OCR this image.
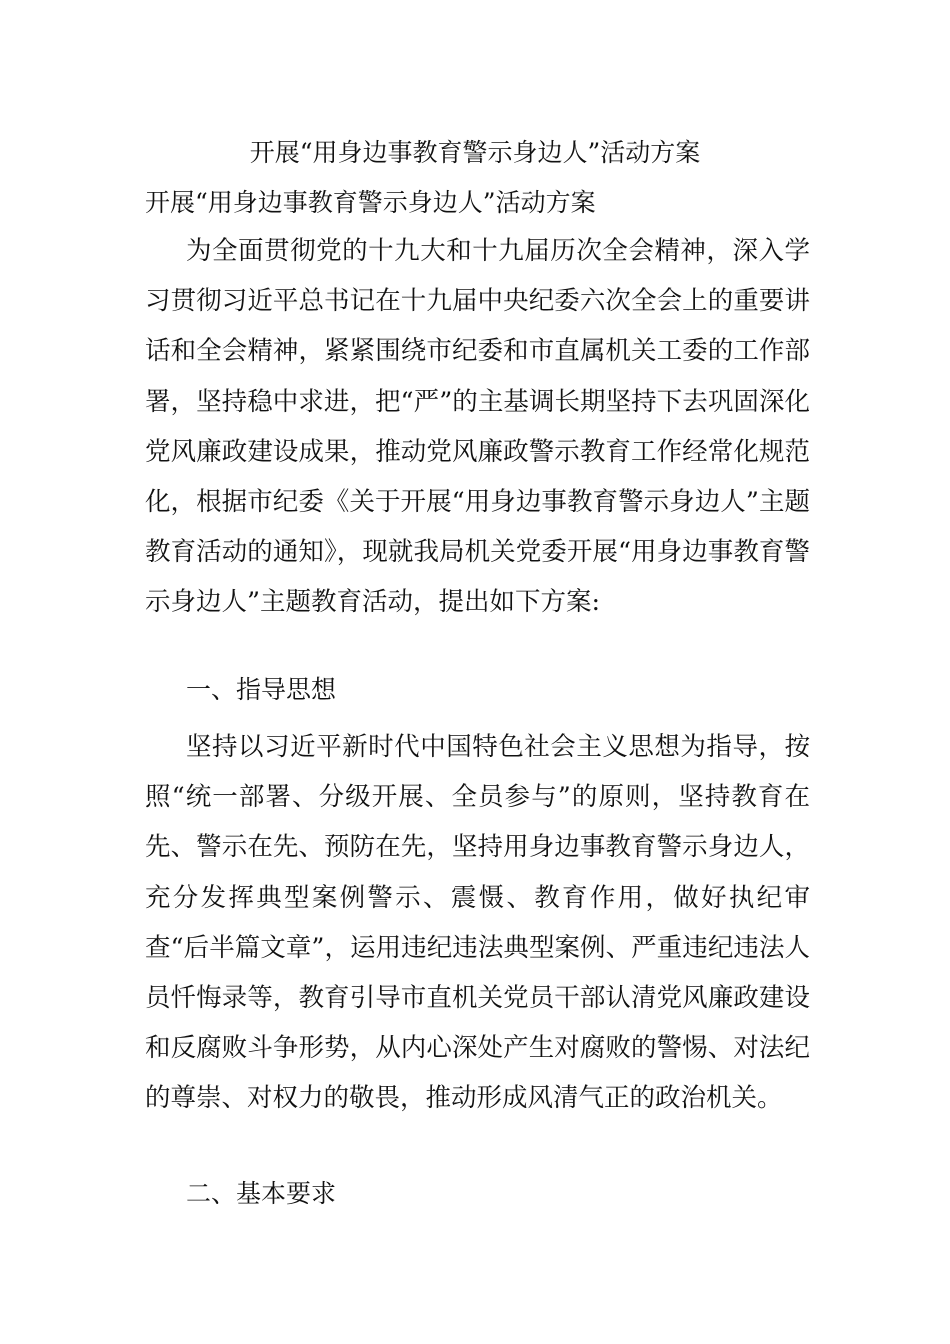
开展“用身边事教育警示身边人”活动方案

开展“用身边事教育警示身边人”活动方案

为全面贯彻党的十九大和十九届历次全会精神，深入学习贯彻习近平总书记在十九届中央纪委六次全会上的重要讲话和全会精神，紧紧围绕市纪委和市直属机关工委的工作部署，坚持稳中求进，把“严”的主基调长期坚持下去巩固深化党风廉政建设成果，推动党风廉政警示教育工作经常化规范化，根据市纪委《关于开展“用身边事教育警示身边人”主题教育活动的通知》，现就我局机关党委开展“用身边事教育警示身边人”主题教育活动，提出如下方案:

一、指导思想

坚持以习近平新时代中国特色社会主义思想为指导，按照“统一部署、分级开展、全员参与”的原则，坚持教育在先、警示在先、预防在先，坚持用身边事教育警示身边人，充分发挥典型案例警示、震慑、教育作用，做好执纪审查“后半篇文章”，运用违纪违法典型案例、严重违纪违法人员忏悔录等，教育引导市直机关党员干部认清党风廉政建设和反腐败斗争形势，从内心深处产生对腐败的警惕、对法纪的尊崇、对权力的敬畏，推动形成风清气正的政治机关。

二、基本要求
